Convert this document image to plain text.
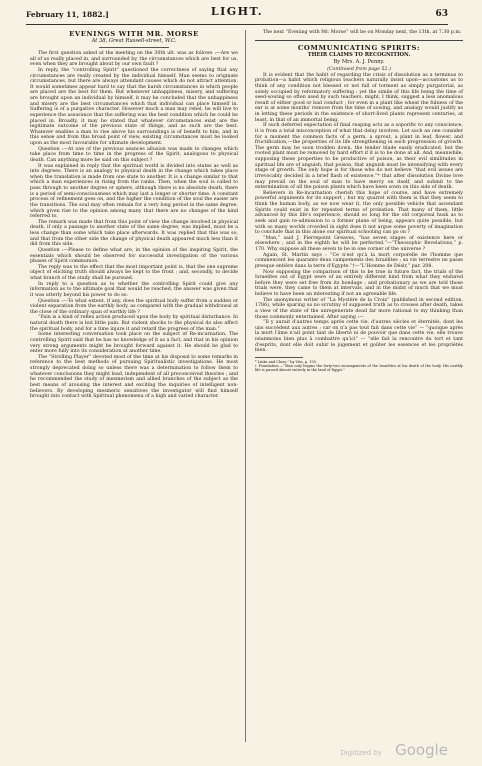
February 11, 1882.]	LIGHT.	63
EVENINGS WITH MR. MORSE
At 38, Great Russell-street, W.C.

The first question asked at the meeting on the 30th ult. was as follows :—Are we all of us really placed in, and surrounded by, the circumstances which are best for us, even when they are brought about by our own fault ?

In reply, the “controlling Spirit” questioned the correctness of saying that any circumstances are really created by the individual himself. Man seems to originate circumstances, but there are always attendant causes which do not attract attention. It would sometimes appear hard to say that the harsh circumstances in which people are placed are the best for them. But whenever unhappiness, misery, and suffering are brought upon an individual by himself, it may be concluded that the unhappiness and misery are the best circumstances which that individual can place himself in. Suffering is of a purgative character. However much a man may rebel, he will live to experience the assurance that the suffering was the best condition which he could be placed in. Broadly, it may be stated that whatever circumstances exist are the legitimate outcome of the previous state of things, and as such are the best. Whatever enables a man to rise above his surroundings is of benefit to him, and in this sense and from this broad point of view, existing circumstances must be looked upon as the most favourable for ultimate development.

Question :—At one of the previous seances allusion was made to changes which take place from time to time in the progress of the Spirit, analogous to physical death. Can anything more be said on this subject ?

It was explained in reply that the spiritual world is divided into states as well as into degrees. There is an analogy to physical death in the change which takes place when the translation is made from one state to another. It is a change similar to that which a man experiences in rising from the ranks. Then, when the soul is called to pass through to another degree or sphere, although there is no absolute death, there is a period of semi-consciousness which may last a longer or shorter time. A constant process of refinement goes on, and the higher the condition of the soul the easier are the transitions. The soul may often remain for a very long period in the same degree, which given rise to the opinion among many that there are no changes of the kind referred to.

The remark was made that from this point of view the change involved in physical death, if only a passage to another state of the same degree, was implied, must be a less change than some which take place afterwards. It was replied that this was so, and that from the other side the change of physical death appeared much less than it did from this side.

Question :—Please to define what are, in the opinion of the inspiring Spirit, the essentials which should be observed for successful investigation of the various phases of Spirit communion.

The reply was to the effect that the most important point is, that the one supreme object of eliciting truth should always be kept to the front ; and, secondly, to decide what branch of the study shall be pursued.

In reply to a question as to whether the controlling Spirit could give any information as to the ultimate goal that would be reached, the answer was given that it was utterly beyond his power to do so.

Question :—To what extent, if any, does the spiritual body suffer from a sudden or violent separation from the earthly body, as compared with the gradual withdrawal at the close of the ordinary span of earthly life ?

“Pain is a kind of reflex action produced upon the body by spiritual disturbance. In natural death there is but little pain. But violent shocks to the physical do also affect the spiritual body, and for a time injure it and retard the progress of the man.”

Some interesting conversation took place on the subject of Re-incarnation. The controlling Spirit said that he has no knowledge of it as a fact, and that in his opinion very strong arguments might be brought forward against it. He should be glad to enter more fully into its consideration at another time.

The “Strolling Player” devoted most of the time at his disposal to some remarks in reference to the best methods of pursuing Spiritualistic investigations. He most strongly deprecated doing so unless there was a determination to follow them to whatever conclusions they might lead, independent of all preconceived theories ; and he recommended the study of mesmerism and allied branches of the subject as the best means of arousing the interest and exciting the inquiries of intelligent non-believers. By developing mesmeric sensitives the investigator will find himself brought into contact with Spiritual phenomena of a high and varied character.

The next “Evening with Mr. Morse” will be on Monday next, the 13th, at 7.30 p.m.

COMMUNICATING SPIRITS:
THEIR CLAIMS TO RECOGNITION.
By Mrs. A. J. Penny.
(Continued from page 52.)

It is evident that the habit of regarding the crisis of dissolution as a terminus to probation—a habit which religious teachers naturally insist upon—accustoms us to think of any condition not blessed or not full of torment as simply purgatorial, as solely occupied by reformatory suffering : yet the simile of this life being the time of seed-sowing so often used by such teachers, might, I think, suggest a less anomalous result of either good or bad conduct ; for even in a plant like wheat the fulness of the ear is at some months' remove from the time of sowing, and analogy would justify us in letting these periods in the existence of short-lived plants represent centuries, at least, in that of an immortal being.

If such deferred expectation of final reaping acts as a soporific to any conscience, it is from a total misconception of what that delay involves. Let such an one consider for a moment the common facts of a germ, a sprout, a plant in leaf, flower, and fructification,—the properties of its life strengthening in each progression of growth. The germ may be soon trodden down, the tender blade easily eradicated, but the rooted plant must be removed by hard effort if it is to be done at all. And, meanwhile, supposing these properties to be productive of poison, as their evil similitudes in spiritual life are of anguish, that poison, that anguish must be intensifying with every stage of growth. The only hope is for those who do not believe “that evil issues are irrevocably decided in a brief flash of existence,”* that after dissolution Divine love may prevail on the soul of man to have mercy on itself, and submit to the extermination of all the poison plants which have been sown on this side of death.

Believers in Re-incarnation cherish this hope of course, and have extremely powerful arguments for its support ; but my quarrel with them is that they seem to think the human body, as we now wear it, the only possible vehicle that ascendant Spirits could exist in for repeated terms of probation. That many of them, little advanced by this life's experience, should so long for the old corporeal husk as to seek and gain re-admission to a former plane of being, appears quite possible, but with so many worlds crowded in sight does it not argue some poverty of imagination to conclude that in this alone our spiritual schooling can go on ?

“Man,” said J. Pierrepoint Greaves, “has seven stages of existence here or elsewhere ; and in the eighth he will be perfected.”—“Theosophic Revelations,” p. 170. Why suppose all these seven to be in one corner of the universe ?

Again, St. Martin says : “Ce n'est qu'à la mort corporelle de l'homme que commencent les quarante deux campements des Israélites ; sa vie terrestre ne passe presque entière dans la terre d'Egypte.”†—“L'Homme de Désir,” par. 208.

Now supposing the comparison of this to be true in future fact, the trials of the Israelites out of Egypt were of an entirely different kind from what they endured before they were set free from its bondage ; and probationary as we are told those trials were, they came to them at intervals, and in the midst of much that we must believe to have been an interesting if not an agreeable life.

The anonymous writer of “La Mystère de la Croix” (published in second edition, 1786), while sparing us no scrutiny of supposed truth as to crosses after death, takes a view of the state of the unregenerate dead far more rational to my thinking than those commonly entertained. After saying :—

“Il y aurait d'autres temps après cette vie, d'autres siècles et éternités, dont les uns succèdent aux autres ; car on n'a pas tout fait dans cette vie” — “quoique après la mort l'âme n'ait point tant de liberté ni de pouvoir que dans cette vie, elle trouve néanmoins bien plus à combattre qu'ici” — “elle fait la rencontre du tort et tant d'esprits, dont elle doit subir le jugement et goûter les essences et les propriétés bien.

* Links and Clues,” by Vita, p. 155.
† Foundation.—“Man only begins the forty-two encampments of the Israelites at his death of the body. His earthly life is passed almost entirely in the land of Egypt.”
Digitized by Google
